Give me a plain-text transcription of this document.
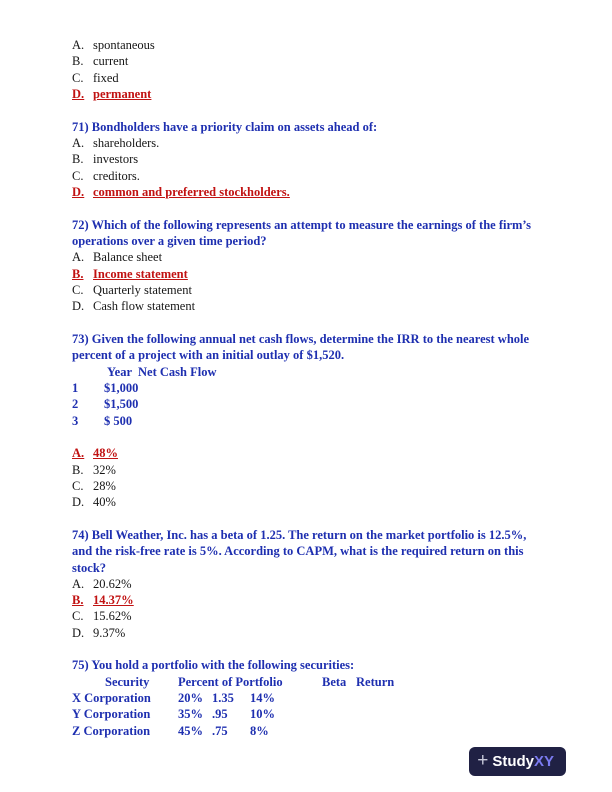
A. spontaneous
B. current
C. fixed
D. permanent
71) Bondholders have a priority claim on assets ahead of:
A. shareholders.
B. investors
C. creditors.
D. common and preferred stockholders.
72) Which of the following represents an attempt to measure the earnings of the firm’s operations over a given time period?
A. Balance sheet
B. Income statement
C. Quarterly statement
D. Cash flow statement
73) Given the following annual net cash flows, determine the IRR to the nearest whole percent of a project with an initial outlay of $1,520.
Year Net Cash Flow
1 $1,000
2 $1,500
3 $ 500
A. 48%
B. 32%
C. 28%
D. 40%
74) Bell Weather, Inc. has a beta of 1.25. The return on the market portfolio is 12.5%, and the risk-free rate is 5%. According to CAPM, what is the required return on this stock?
A. 20.62%
B. 14.37%
C. 15.62%
D. 9.37%
75) You hold a portfolio with the following securities:
Security Percent of Portfolio	Beta Return
X Corporation 20% 1.35 14%
Y Corporation 35% .95 10%
Z Corporation 45% .75 8%
+ Study XY
